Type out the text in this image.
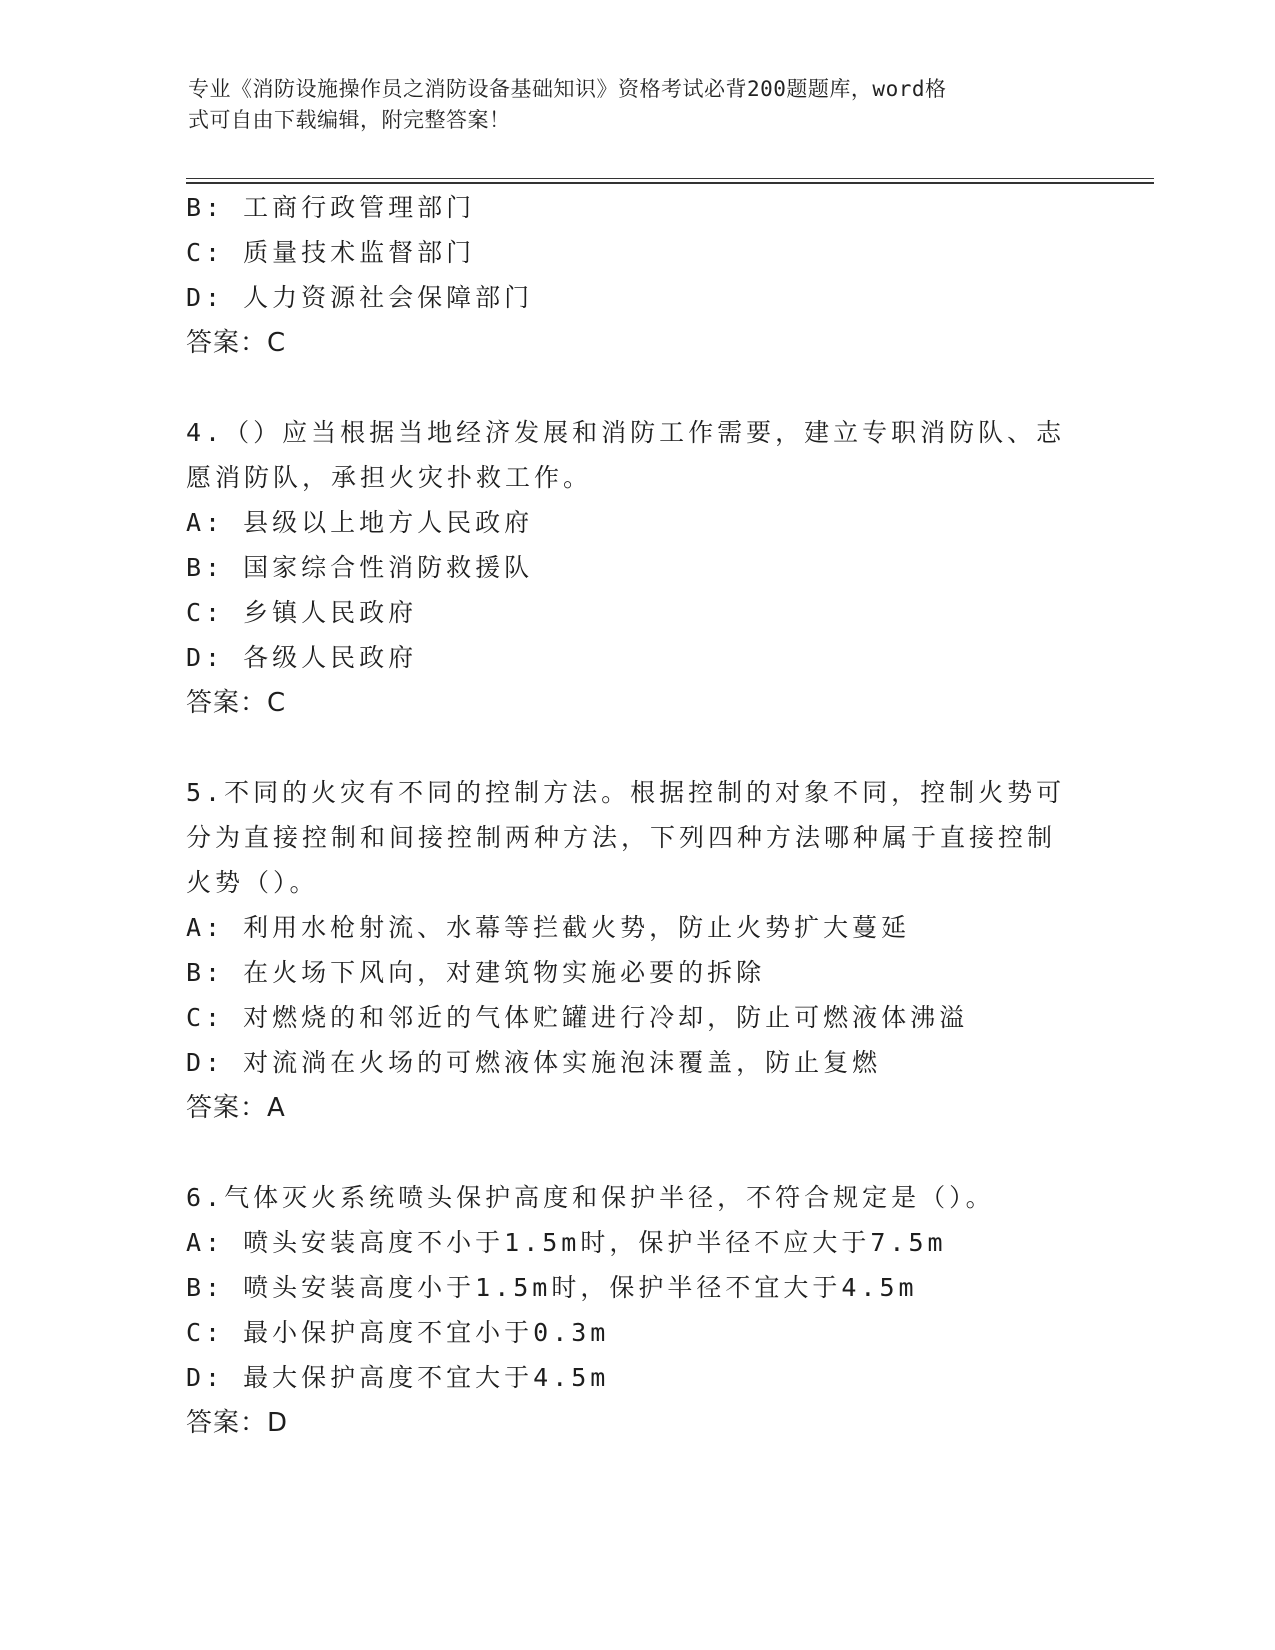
专业《消防设施操作员之消防设备基础知识》资格考试必背200题题库，word格
式可自由下载编辑，附完整答案！
B: 工商行政管理部门
C: 质量技术监督部门
D: 人力资源社会保障部门
答案：C
4.（）应当根据当地经济发展和消防工作需要，建立专职消防队、志
愿消防队，承担火灾扑救工作。
A: 县级以上地方人民政府
B: 国家综合性消防救援队
C: 乡镇人民政府
D: 各级人民政府
答案：C
5.不同的火灾有不同的控制方法。根据控制的对象不同，控制火势可
分为直接控制和间接控制两种方法，下列四种方法哪种属于直接控制
火势（）。
A: 利用水枪射流、水幕等拦截火势，防止火势扩大蔓延
B: 在火场下风向，对建筑物实施必要的拆除
C: 对燃烧的和邻近的气体贮罐进行冷却，防止可燃液体沸溢
D: 对流淌在火场的可燃液体实施泡沫覆盖，防止复燃
答案：A
6.气体灭火系统喷头保护高度和保护半径，不符合规定是（）。
A: 喷头安装高度不小于1.5m时，保护半径不应大于7.5m
B: 喷头安装高度小于1.5m时，保护半径不宜大于4.5m
C: 最小保护高度不宜小于0.3m
D: 最大保护高度不宜大于4.5m
答案：D
